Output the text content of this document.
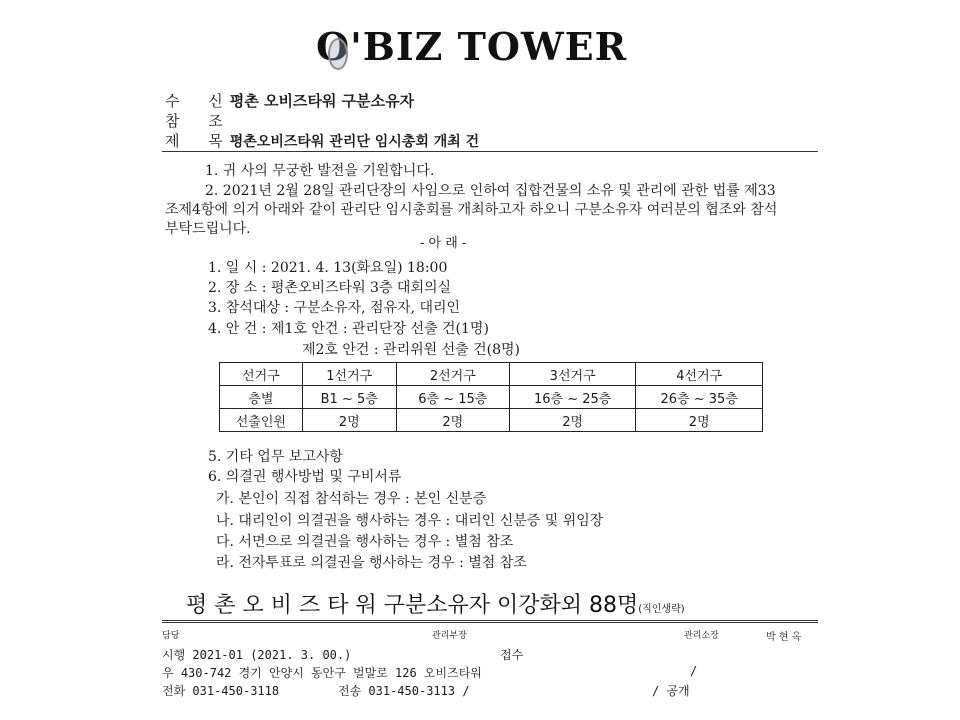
O'BIZ TOWER
수 신 평촌 오비즈타워 구분소유자
참 조
제 목 평촌오비즈타워 관리단 임시총회 개최 건
1. 귀 사의 무궁한 발전을 기원합니다.
2. 2021년 2월 28일 관리단장의 사임으로 인하여 집합건물의 소유 및 관리에 관한 법률 제33
조제4항에 의거 아래와 같이 관리단 임시총회를 개최하고자 하오니 구분소유자 여러분의 협조와 참석
부탁드립니다.
- 아 래 -
1. 일 시 : 2021. 4. 13(화요일) 18:00
2. 장 소 : 평촌오비즈타워 3층 대회의실
3. 참석대상 : 구분소유자, 점유자, 대리인
4. 안 건 : 제1호 안건 : 관리단장 선출 건(1명)
제2호 안건 : 관리위원 선출 건(8명)
선거구	1선거구	2선거구	3선거구	4선거구
층별	B1 ~ 5층	6층 ~ 15층	16층 ~ 25층	26층 ~ 35층
선출인원	2명	2명	2명	2명
5. 기타 업무 보고사항
6. 의결권 행사방법 및 구비서류
가. 본인이 직접 참석하는 경우 : 본인 신분증
나. 대리인이 의결권을 행사하는 경우 : 대리인 신분증 및 위임장
다. 서면으로 의결권을 행사하는 경우 : 별첨 참조
라. 전자투표로 의결권을 행사하는 경우 : 별첨 참조
평 촌 오 비 즈 타 워 구분소유자 이강화외 88명(직인생략)
담당	관리부장	관리소장	박 현 옥
시행 2021-01 (2021. 3. 00.)	접수
우 430-742 경기 안양시 동안구 벌말로 126 오비즈타워	/
전화 031-450-3118	전송 031-450-3113 /	/ 공개
